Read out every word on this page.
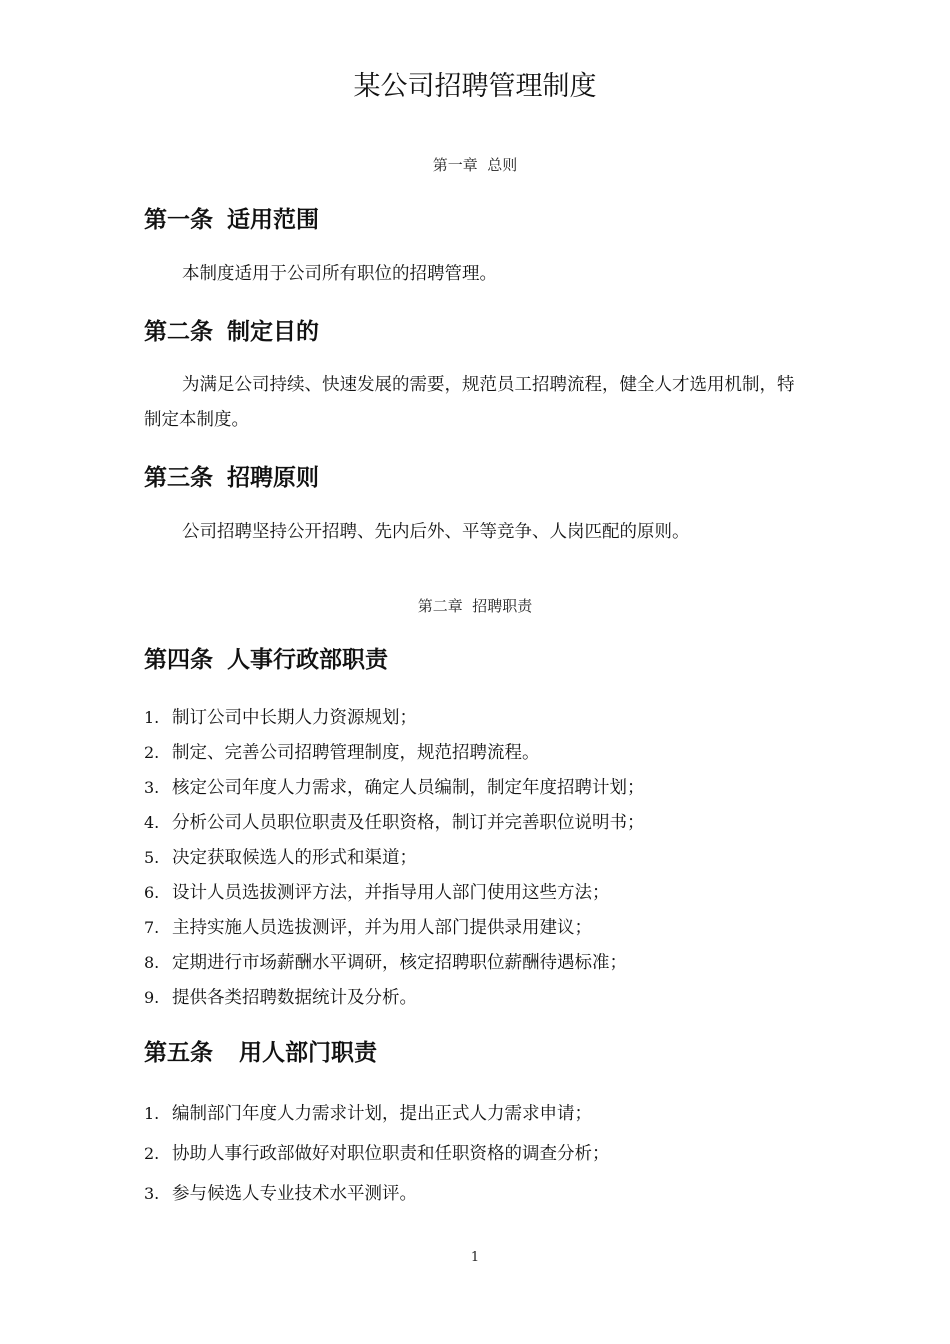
某公司招聘管理制度
第一章 总则
第一条 适用范围
本制度适用于公司所有职位的招聘管理。
第二条 制定目的
为满足公司持续、快速发展的需要，规范员工招聘流程，健全人才选用机制，特制定本制度。
第三条 招聘原则
公司招聘坚持公开招聘、先内后外、平等竞争、人岗匹配的原则。
第二章 招聘职责
第四条 人事行政部职责
1. 制订公司中长期人力资源规划；
2. 制定、完善公司招聘管理制度，规范招聘流程。
3. 核定公司年度人力需求，确定人员编制，制定年度招聘计划；
4. 分析公司人员职位职责及任职资格，制订并完善职位说明书；
5. 决定获取候选人的形式和渠道；
6. 设计人员选拔测评方法，并指导用人部门使用这些方法；
7. 主持实施人员选拔测评，并为用人部门提供录用建议；
8. 定期进行市场薪酬水平调研，核定招聘职位薪酬待遇标准；
9. 提供各类招聘数据统计及分析。
第五条 用人部门职责
1. 编制部门年度人力需求计划，提出正式人力需求申请；
2. 协助人事行政部做好对职位职责和任职资格的调查分析；
3. 参与候选人专业技术水平测评。
1
